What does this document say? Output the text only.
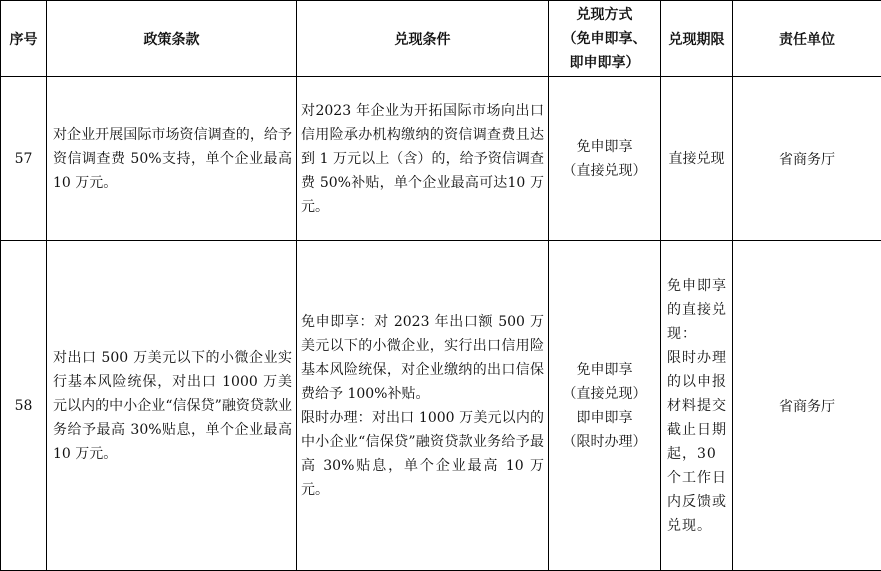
序号	政策条款	兑现条件	兑现方式
（免申即享、
即申即享）	兑现期限	责任单位
57	对企业开展国际市场资信调查的，给予资信调查费 50%支持，单个企业最高 10 万元。	对2023 年企业为开拓国际市场向出口信用险承办机构缴纳的资信调查费且达到 1 万元以上（含）的，给予资信调查费 50%补贴，单个企业最高可达10 万元。	免申即享
（直接兑现）	直接兑现	省商务厅
58	对出口 500 万美元以下的小微企业实行基本风险统保，对出口 1000 万美元以内的中小企业“信保贷”融资贷款业务给予最高 30%贴息，单个企业最高 10 万元。	免申即享：对 2023 年出口额 500 万美元以下的小微企业，实行出口信用险基本风险统保，对企业缴纳的出口信保费给予 100%补贴。
限时办理：对出口 1000 万美元以内的中小企业“信保贷”融资贷款业务给予最高 30%贴息，单个企业最高 10 万元。	免申即享
（直接兑现）
即申即享
（限时办理）	免申即享的直接兑现：
限时办理的以申报材料提交截止日期起，30 个工作日内反馈或兑现。	省商务厅
